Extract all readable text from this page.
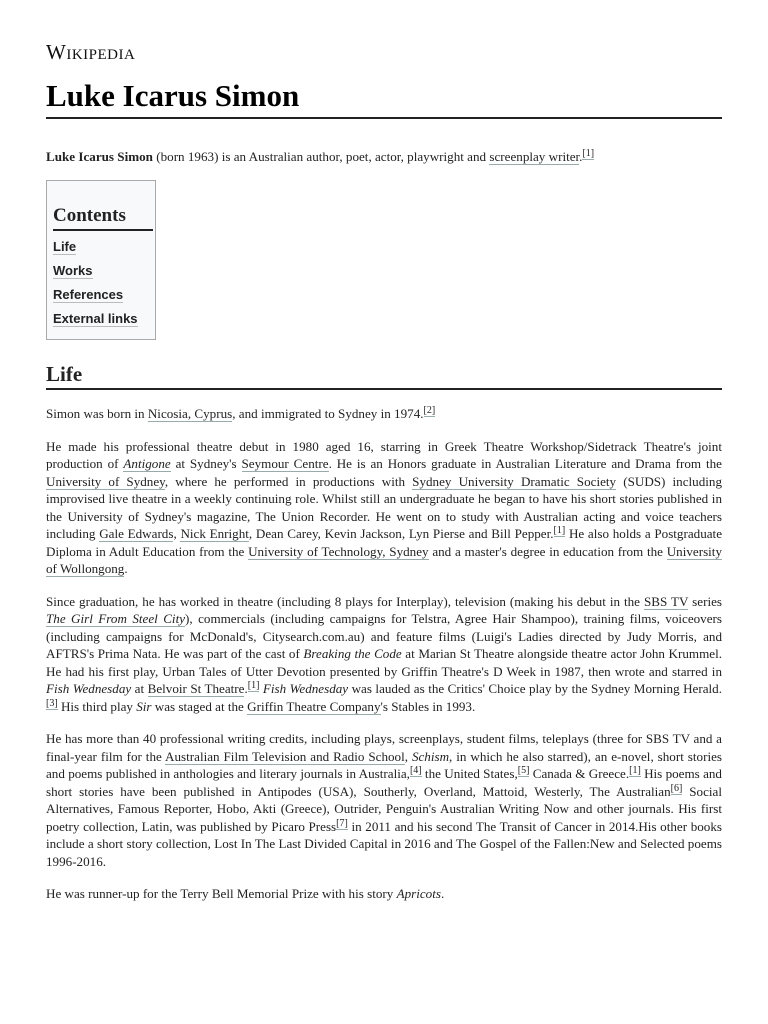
Wikipedia
Luke Icarus Simon

Luke Icarus Simon (born 1963) is an Australian author, poet, actor, playwright and screenplay writer.[1]

Contents
Life
Works
References
External links
Life

Simon was born in Nicosia, Cyprus, and immigrated to Sydney in 1974.[2]

He made his professional theatre debut in 1980 aged 16, starring in Greek Theatre Workshop/Sidetrack Theatre's joint production of Antigone at Sydney's Seymour Centre. He is an Honors graduate in Australian Literature and Drama from the University of Sydney, where he performed in productions with Sydney University Dramatic Society (SUDS) including improvised live theatre in a weekly continuing role. Whilst still an undergraduate he began to have his short stories published in the University of Sydney's magazine, The Union Recorder. He went on to study with Australian acting and voice teachers including Gale Edwards, Nick Enright, Dean Carey, Kevin Jackson, Lyn Pierse and Bill Pepper.[1] He also holds a Postgraduate Diploma in Adult Education from the University of Technology, Sydney and a master's degree in education from the University of Wollongong.

Since graduation, he has worked in theatre (including 8 plays for Interplay), television (making his debut in the SBS TV series The Girl From Steel City), commercials (including campaigns for Telstra, Agree Hair Shampoo), training films, voiceovers (including campaigns for McDonald's, Citysearch.com.au) and feature films (Luigi's Ladies directed by Judy Morris, and AFTRS's Prima Nata. He was part of the cast of Breaking the Code at Marian St Theatre alongside theatre actor John Krummel. He had his first play, Urban Tales of Utter Devotion presented by Griffin Theatre's D Week in 1987, then wrote and starred in Fish Wednesday at Belvoir St Theatre.[1] Fish Wednesday was lauded as the Critics' Choice play by the Sydney Morning Herald.[3] His third play Sir was staged at the Griffin Theatre Company's Stables in 1993.

He has more than 40 professional writing credits, including plays, screenplays, student films, teleplays (three for SBS TV and a final-year film for the Australian Film Television and Radio School, Schism, in which he also starred), an e-novel, short stories and poems published in anthologies and literary journals in Australia,[4] the United States,[5] Canada & Greece.[1] His poems and short stories have been published in Antipodes (USA), Southerly, Overland, Mattoid, Westerly, The Australian[6] Social Alternatives, Famous Reporter, Hobo, Akti (Greece), Outrider, Penguin's Australian Writing Now and other journals. His first poetry collection, Latin, was published by Picaro Press[7] in 2011 and his second The Transit of Cancer in 2014.His other books include a short story collection, Lost In The Last Divided Capital in 2016 and The Gospel of the Fallen:New and Selected poems 1996-2016.

He was runner-up for the Terry Bell Memorial Prize with his story Apricots.
